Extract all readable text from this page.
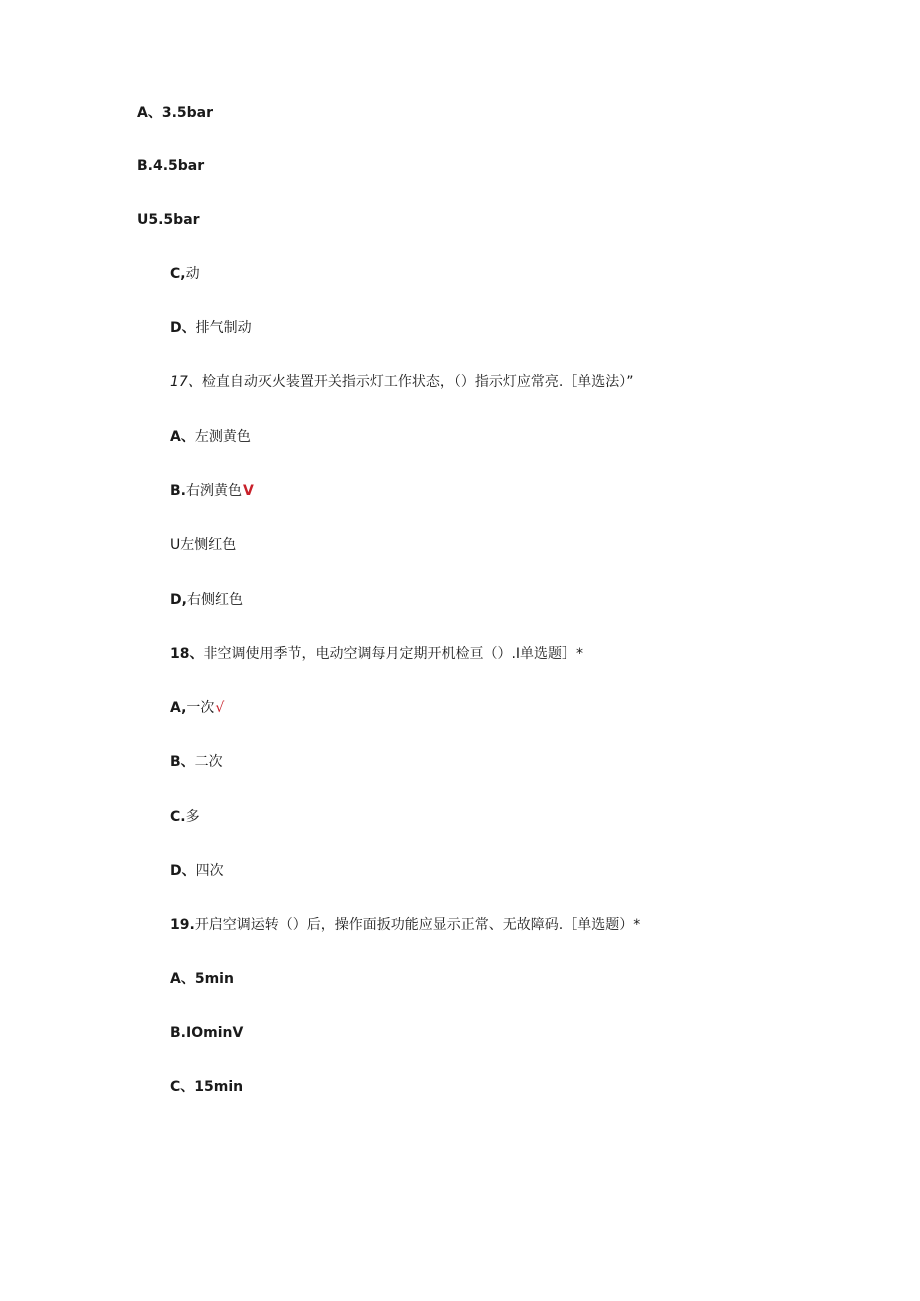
A、3.5bar
B.4.5bar
U5.5bar
C,动
D、排气制动
17、检直自动灭火装置开关指示灯工作状态，（）指示灯应常亮.［单选法）”
A、左测黄色
B.右洌黄色V
U左恻红色
D,右侧红色
18、非空调使用季节，电动空调每月定期开机检亘（）.I单选题］*
A,一次√
B、二次
C.多
D、四次
19.开启空调运转（）后，操作面扳功能应显示正常、无故障码.［单选题）*
A、5min
B.IOminV
C、15min
